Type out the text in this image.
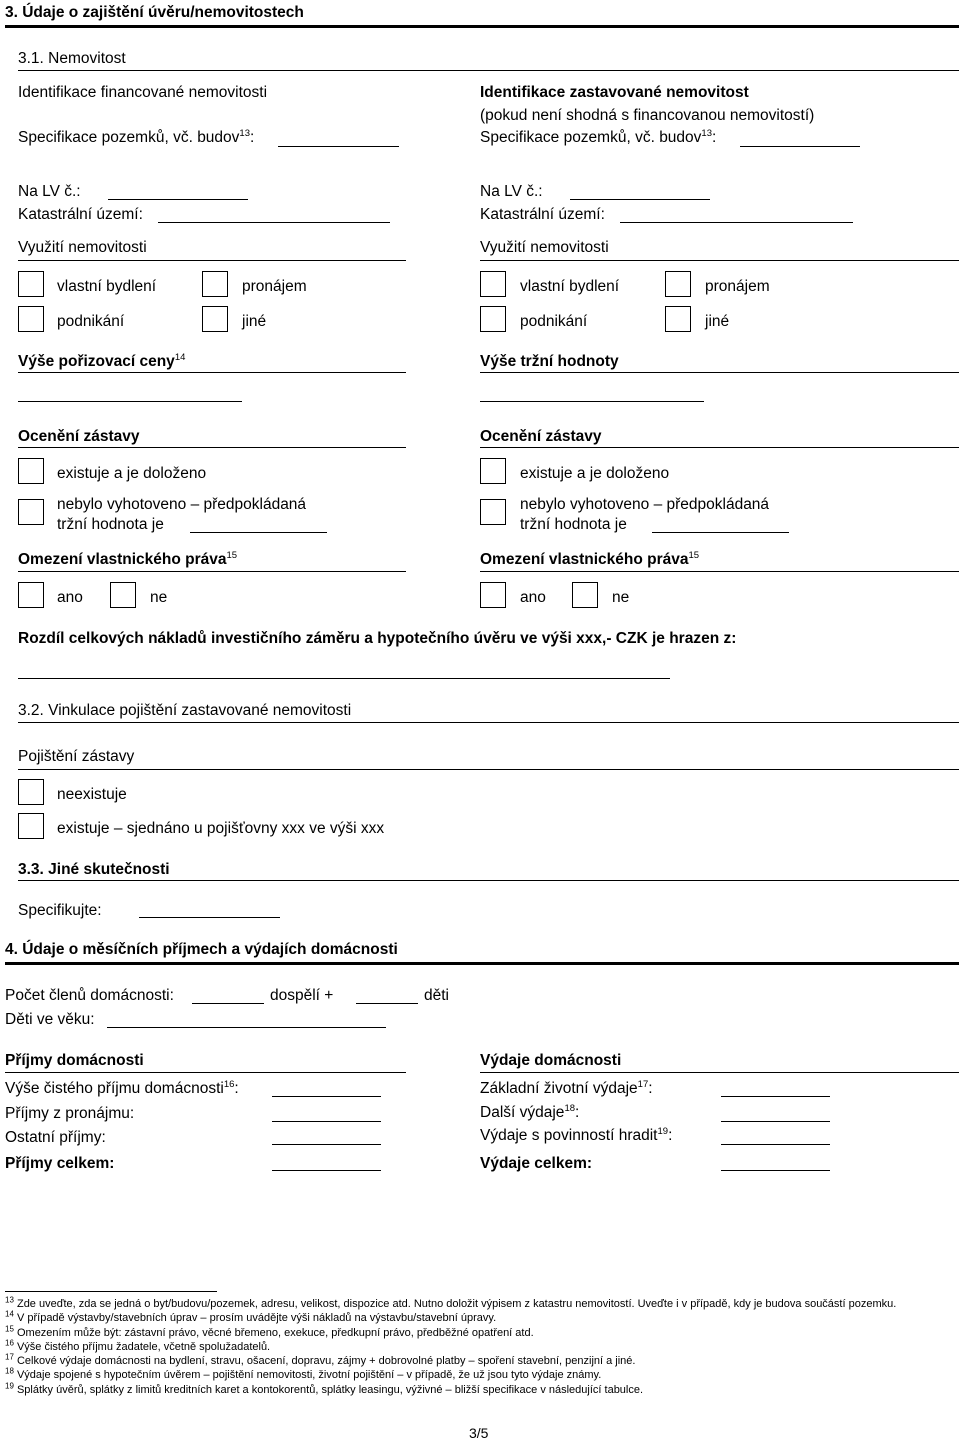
3. Údaje o zajištění úvěru/nemovitostech
3.1. Nemovitost
Identifikace financované nemovitosti
Specifikace pozemků, vč. budov$^{13}$:
Na LV č.:
Katastrální území:
Využití nemovitosti
vlastní bydlení	pronájem
podnikání	jiné
Výše pořizovací ceny$^{14}$
Ocenění zástavy
existuje a je doloženo
nebylo vyhotoveno – předpokládaná
tržní hodnota je
Omezení vlastnického práva$^{15}$
ano	ne
Identifikace zastavované nemovitost
(pokud není shodná s financovanou nemovitostí)
Specifikace pozemků, vč. budov$^{13}$:
Na LV č.:
Katastrální území:
Využití nemovitosti
vlastní bydlení	pronájem
podnikání	jiné
Výše tržní hodnoty
Ocenění zástavy
existuje a je doloženo
nebylo vyhotoveno – předpokládaná
tržní hodnota je
Omezení vlastnického práva$^{15}$
ano	ne
Rozdíl celkových nákladů investičního záměru a hypotečního úvěru ve výši xxx,- CZK je hrazen z:
3.2. Vinkulace pojištění zastavované nemovitosti
Pojištění zástavy
neexistuje
existuje – sjednáno u pojišťovny xxx ve výši xxx
3.3. Jiné skutečnosti
Specifikujte:
4. Údaje o měsíčních příjmech a výdajích domácnosti
Počet členů domácnosti:	dospělí +	děti
Děti ve věku:
Příjmy domácnosti
Výše čistého příjmu domácnosti$^{16}$:
Příjmy z pronájmu:
Ostatní příjmy:
Příjmy celkem:
Výdaje domácnosti
Základní životní výdaje$^{17}$:
Další výdaje$^{18}$:
Výdaje s povinností hradit$^{19}$:
Výdaje celkem:
$^{13}$ Zde uveďte, zda se jedná o byt/budovu/pozemek, adresu, velikost, dispozice atd. Nutno doložit výpisem z katastru nemovitostí. Uveďte i v případě, kdy je budova součástí pozemku.
$^{14}$ V případě výstavby/stavebních úprav – prosím uvádějte výši nákladů na výstavbu/stavební úpravy.
$^{15}$ Omezením může být: zástavní právo, věcné břemeno, exekuce, předkupní právo, předběžné opatření atd.
$^{16}$ Výše čistého příjmu žadatele, včetně spolužadatelů.
$^{17}$ Celkové výdaje domácnosti na bydlení, stravu, ošacení, dopravu, zájmy + dobrovolné platby – spoření stavební, penzijní a jiné.
$^{18}$ Výdaje spojené s hypotečním úvěrem – pojištění nemovitosti, životní pojištění – v případě, že už jsou tyto výdaje známy.
$^{19}$ Splátky úvěrů, splátky z limitů kreditních karet a kontokorentů, splátky leasingu, výživné – bližší specifikace v následující tabulce.
3/5
